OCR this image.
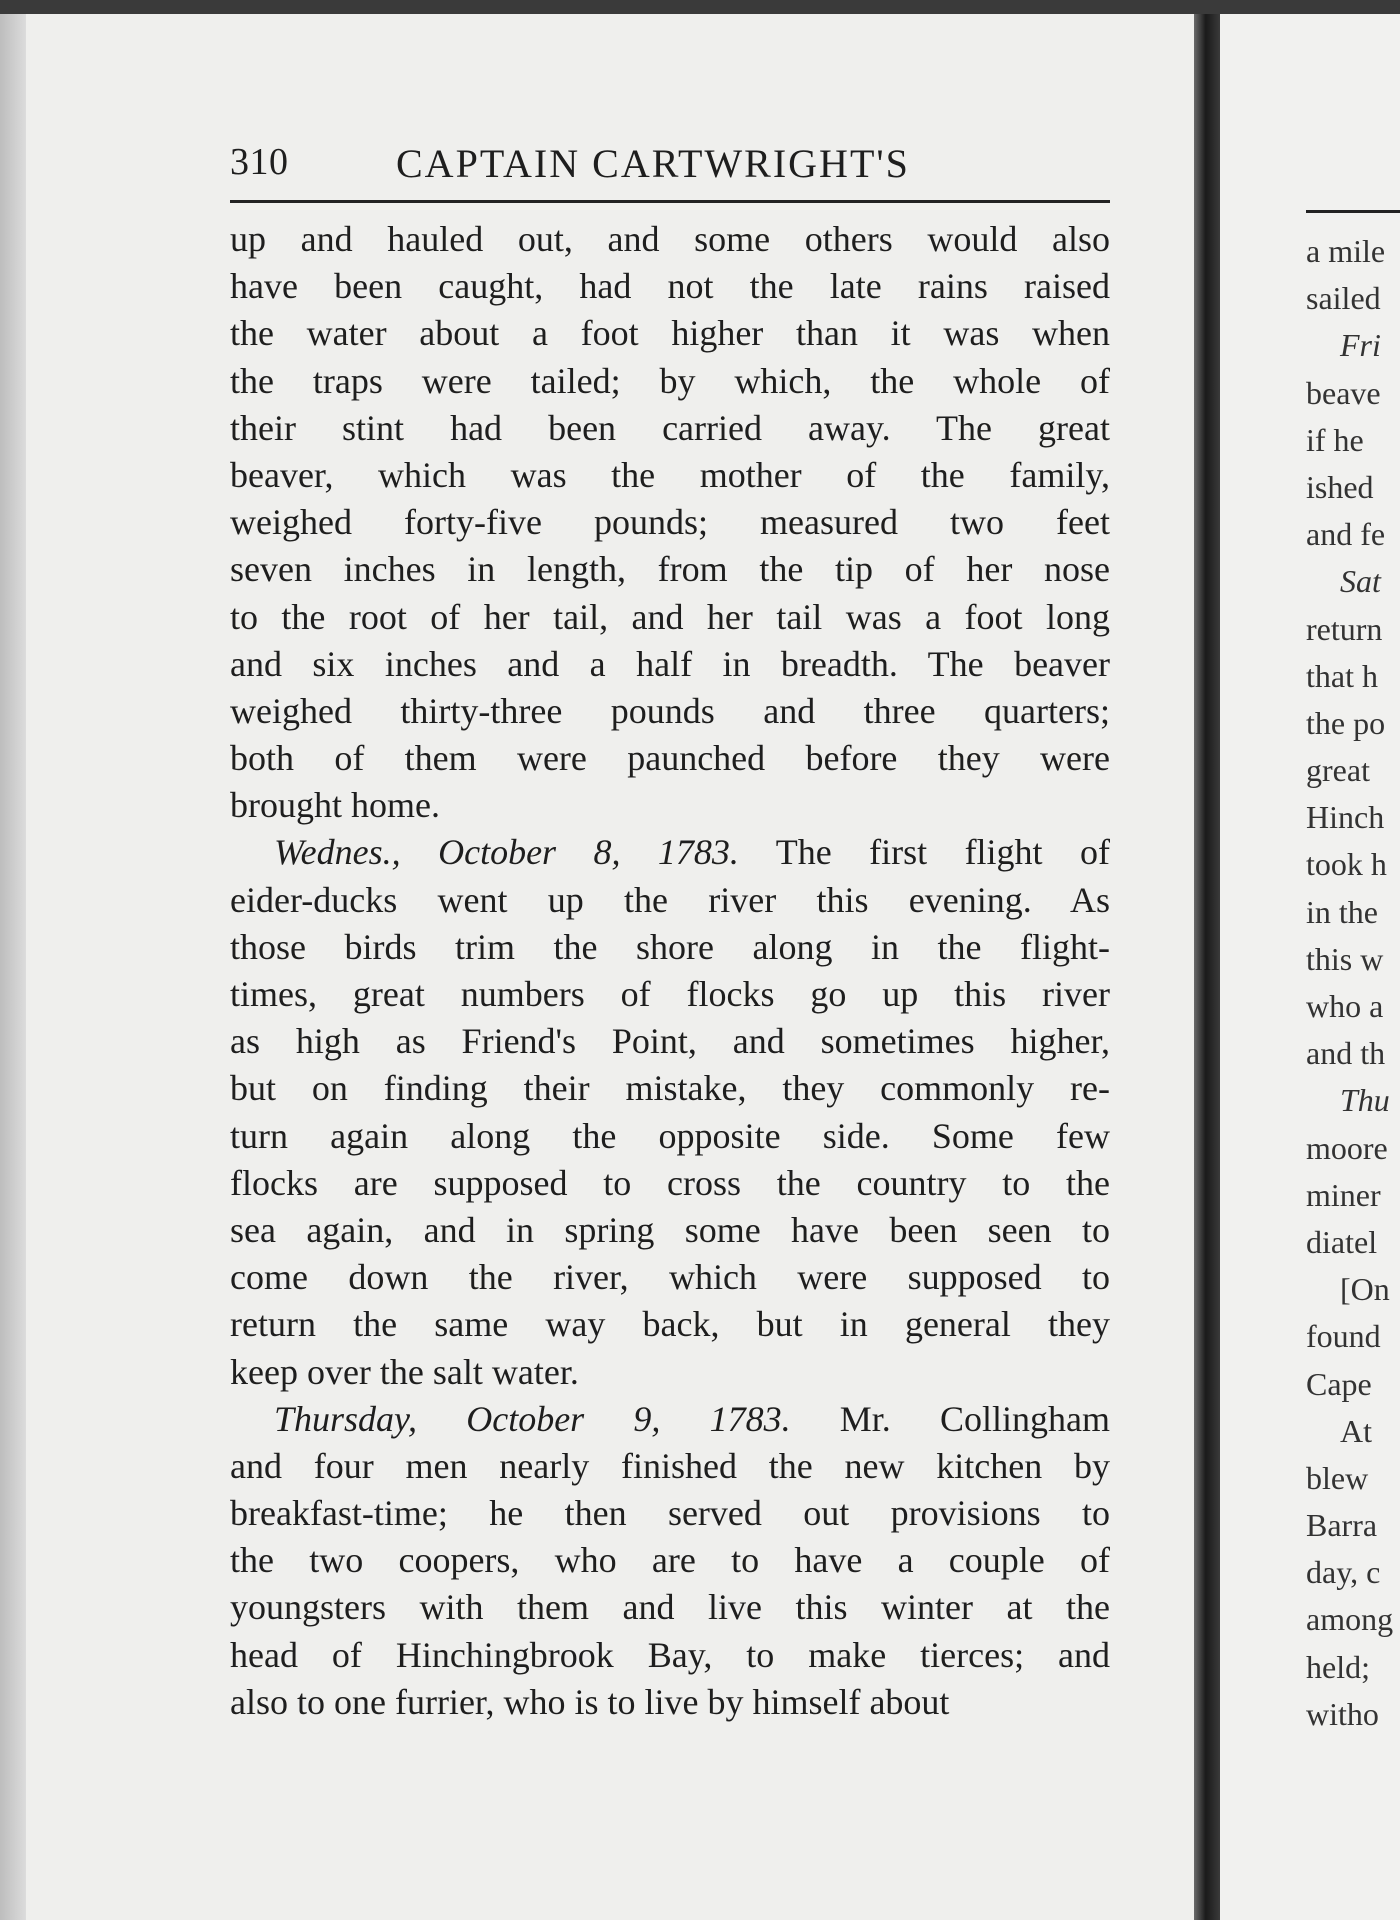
a mile
sailed
Fri
beave
if he
ished
and fe
Sat
return
that h
the po
great
Hinch
took h
in the
this w
who a
and th
Thu
moore
miner
diatel
[On
found
Cape
At
blew
Barra
day, c
among
held;
witho
310	CAPTAIN CARTWRIGHT'S
up and hauled out, and some others would also
have been caught, had not the late rains raised
the water about a foot higher than it was when
the traps were tailed; by which, the whole of
their stint had been carried away. The great
beaver, which was the mother of the family,
weighed forty-five pounds; measured two feet
seven inches in length, from the tip of her nose
to the root of her tail, and her tail was a foot long
and six inches and a half in breadth. The beaver
weighed thirty-three pounds and three quarters;
both of them were paunched before they were
brought home.
Wednes., October 8, 1783. The first flight of
eider-ducks went up the river this evening. As
those birds trim the shore along in the flight-
times, great numbers of flocks go up this river
as high as Friend's Point, and sometimes higher,
but on finding their mistake, they commonly re-
turn again along the opposite side. Some few
flocks are supposed to cross the country to the
sea again, and in spring some have been seen to
come down the river, which were supposed to
return the same way back, but in general they
keep over the salt water.
Thursday, October 9, 1783. Mr. Collingham
and four men nearly finished the new kitchen by
breakfast-time; he then served out provisions to
the two coopers, who are to have a couple of
youngsters with them and live this winter at the
head of Hinchingbrook Bay, to make tierces; and
also to one furrier, who is to live by himself about
